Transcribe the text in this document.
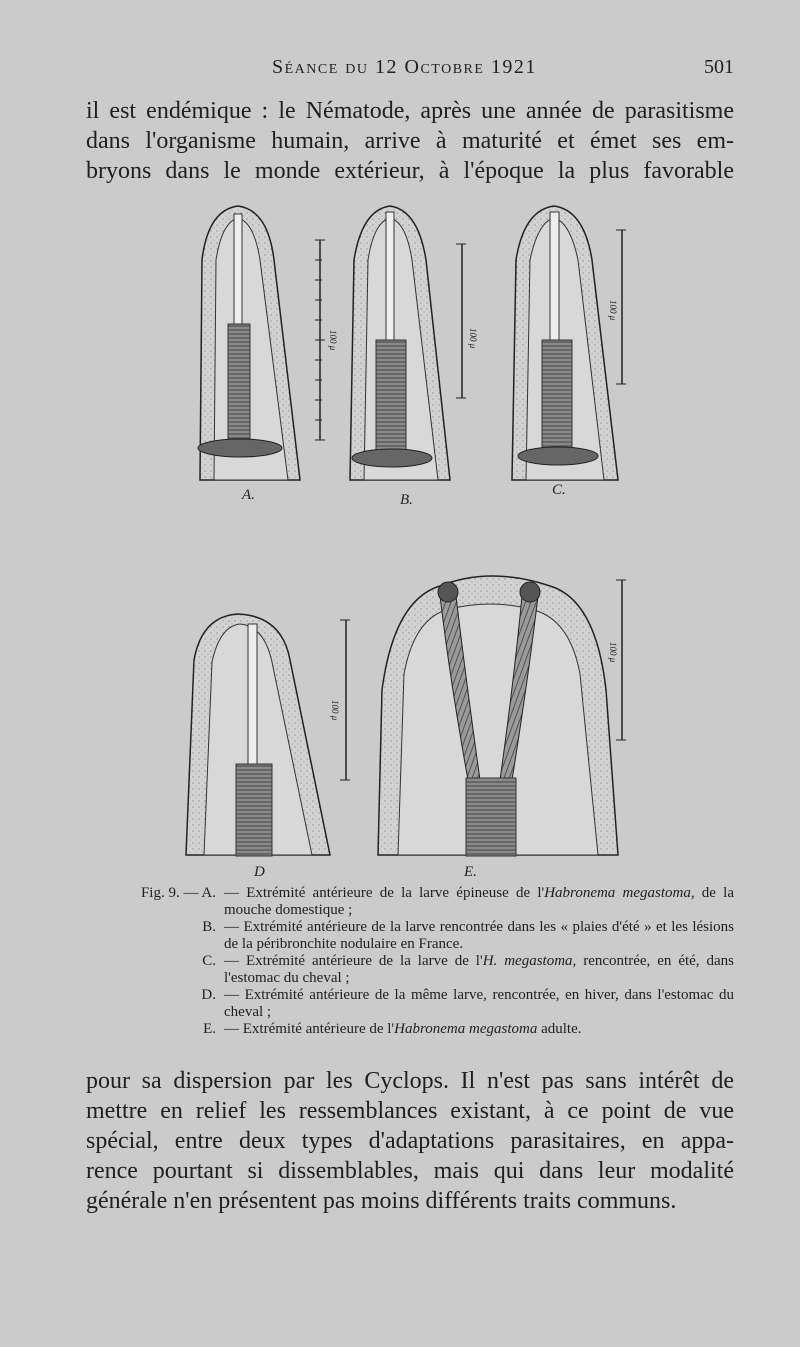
Séance du 12 Octobre 1921	501
il est endémique : le Nématode, après une année de parasitisme
dans l'organisme humain, arrive à maturité et émet ses em-
bryons dans le monde extérieur, à l'époque la plus favorable
100 μ
A.
100 μ
B.
100 μ
C.
100 μ
D
100 μ
E.
Fig. 9. — A. — Extrémité antérieure de la larve épineuse de l'Habronema megastoma, de la mouche domestique ;
B. — Extrémité antérieure de la larve rencontrée dans les « plaies d'été » et les lésions de la péribronchite nodulaire en France.
C. — Extrémité antérieure de la larve de l'H. megastoma, rencontrée, en été, dans l'estomac du cheval ;
D. — Extrémité antérieure de la même larve, rencontrée, en hiver, dans l'estomac du cheval ;
E. — Extrémité antérieure de l'Habronema megastoma adulte.
pour sa dispersion par les Cyclops. Il n'est pas sans intérêt de
mettre en relief les ressemblances existant, à ce point de vue
spécial, entre deux types d'adaptations parasitaires, en appa-
rence pourtant si dissemblables, mais qui dans leur modalité
générale n'en présentent pas moins différents traits communs.
